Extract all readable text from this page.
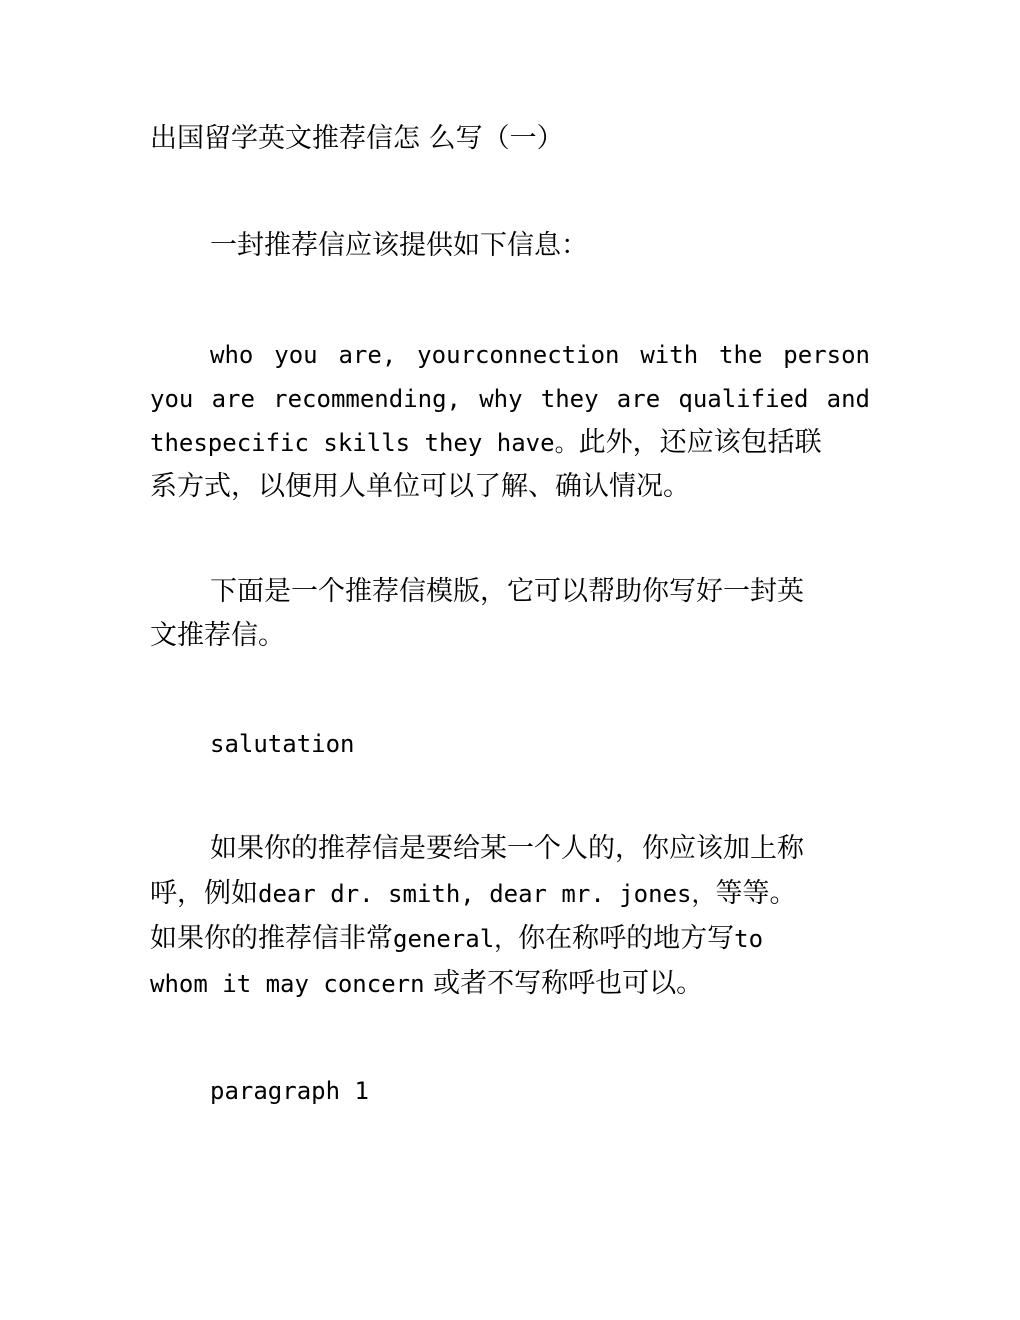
出国留学英文推荐信怎 么写（一）
一封推荐信应该提供如下信息：
who you are, yourconnection with the person
you are recommending, why they are qualified and
thespecific skills they have。此外，还应该包括联
系方式，以便用人单位可以了解、确认情况。
下面是一个推荐信模版，它可以帮助你写好一封英
文推荐信。
salutation
如果你的推荐信是要给某一个人的，你应该加上称
呼，例如dear dr. smith, dear mr. jones，等等。
如果你的推荐信非常general，你在称呼的地方写to
whom it may concern 或者不写称呼也可以。
paragraph 1
